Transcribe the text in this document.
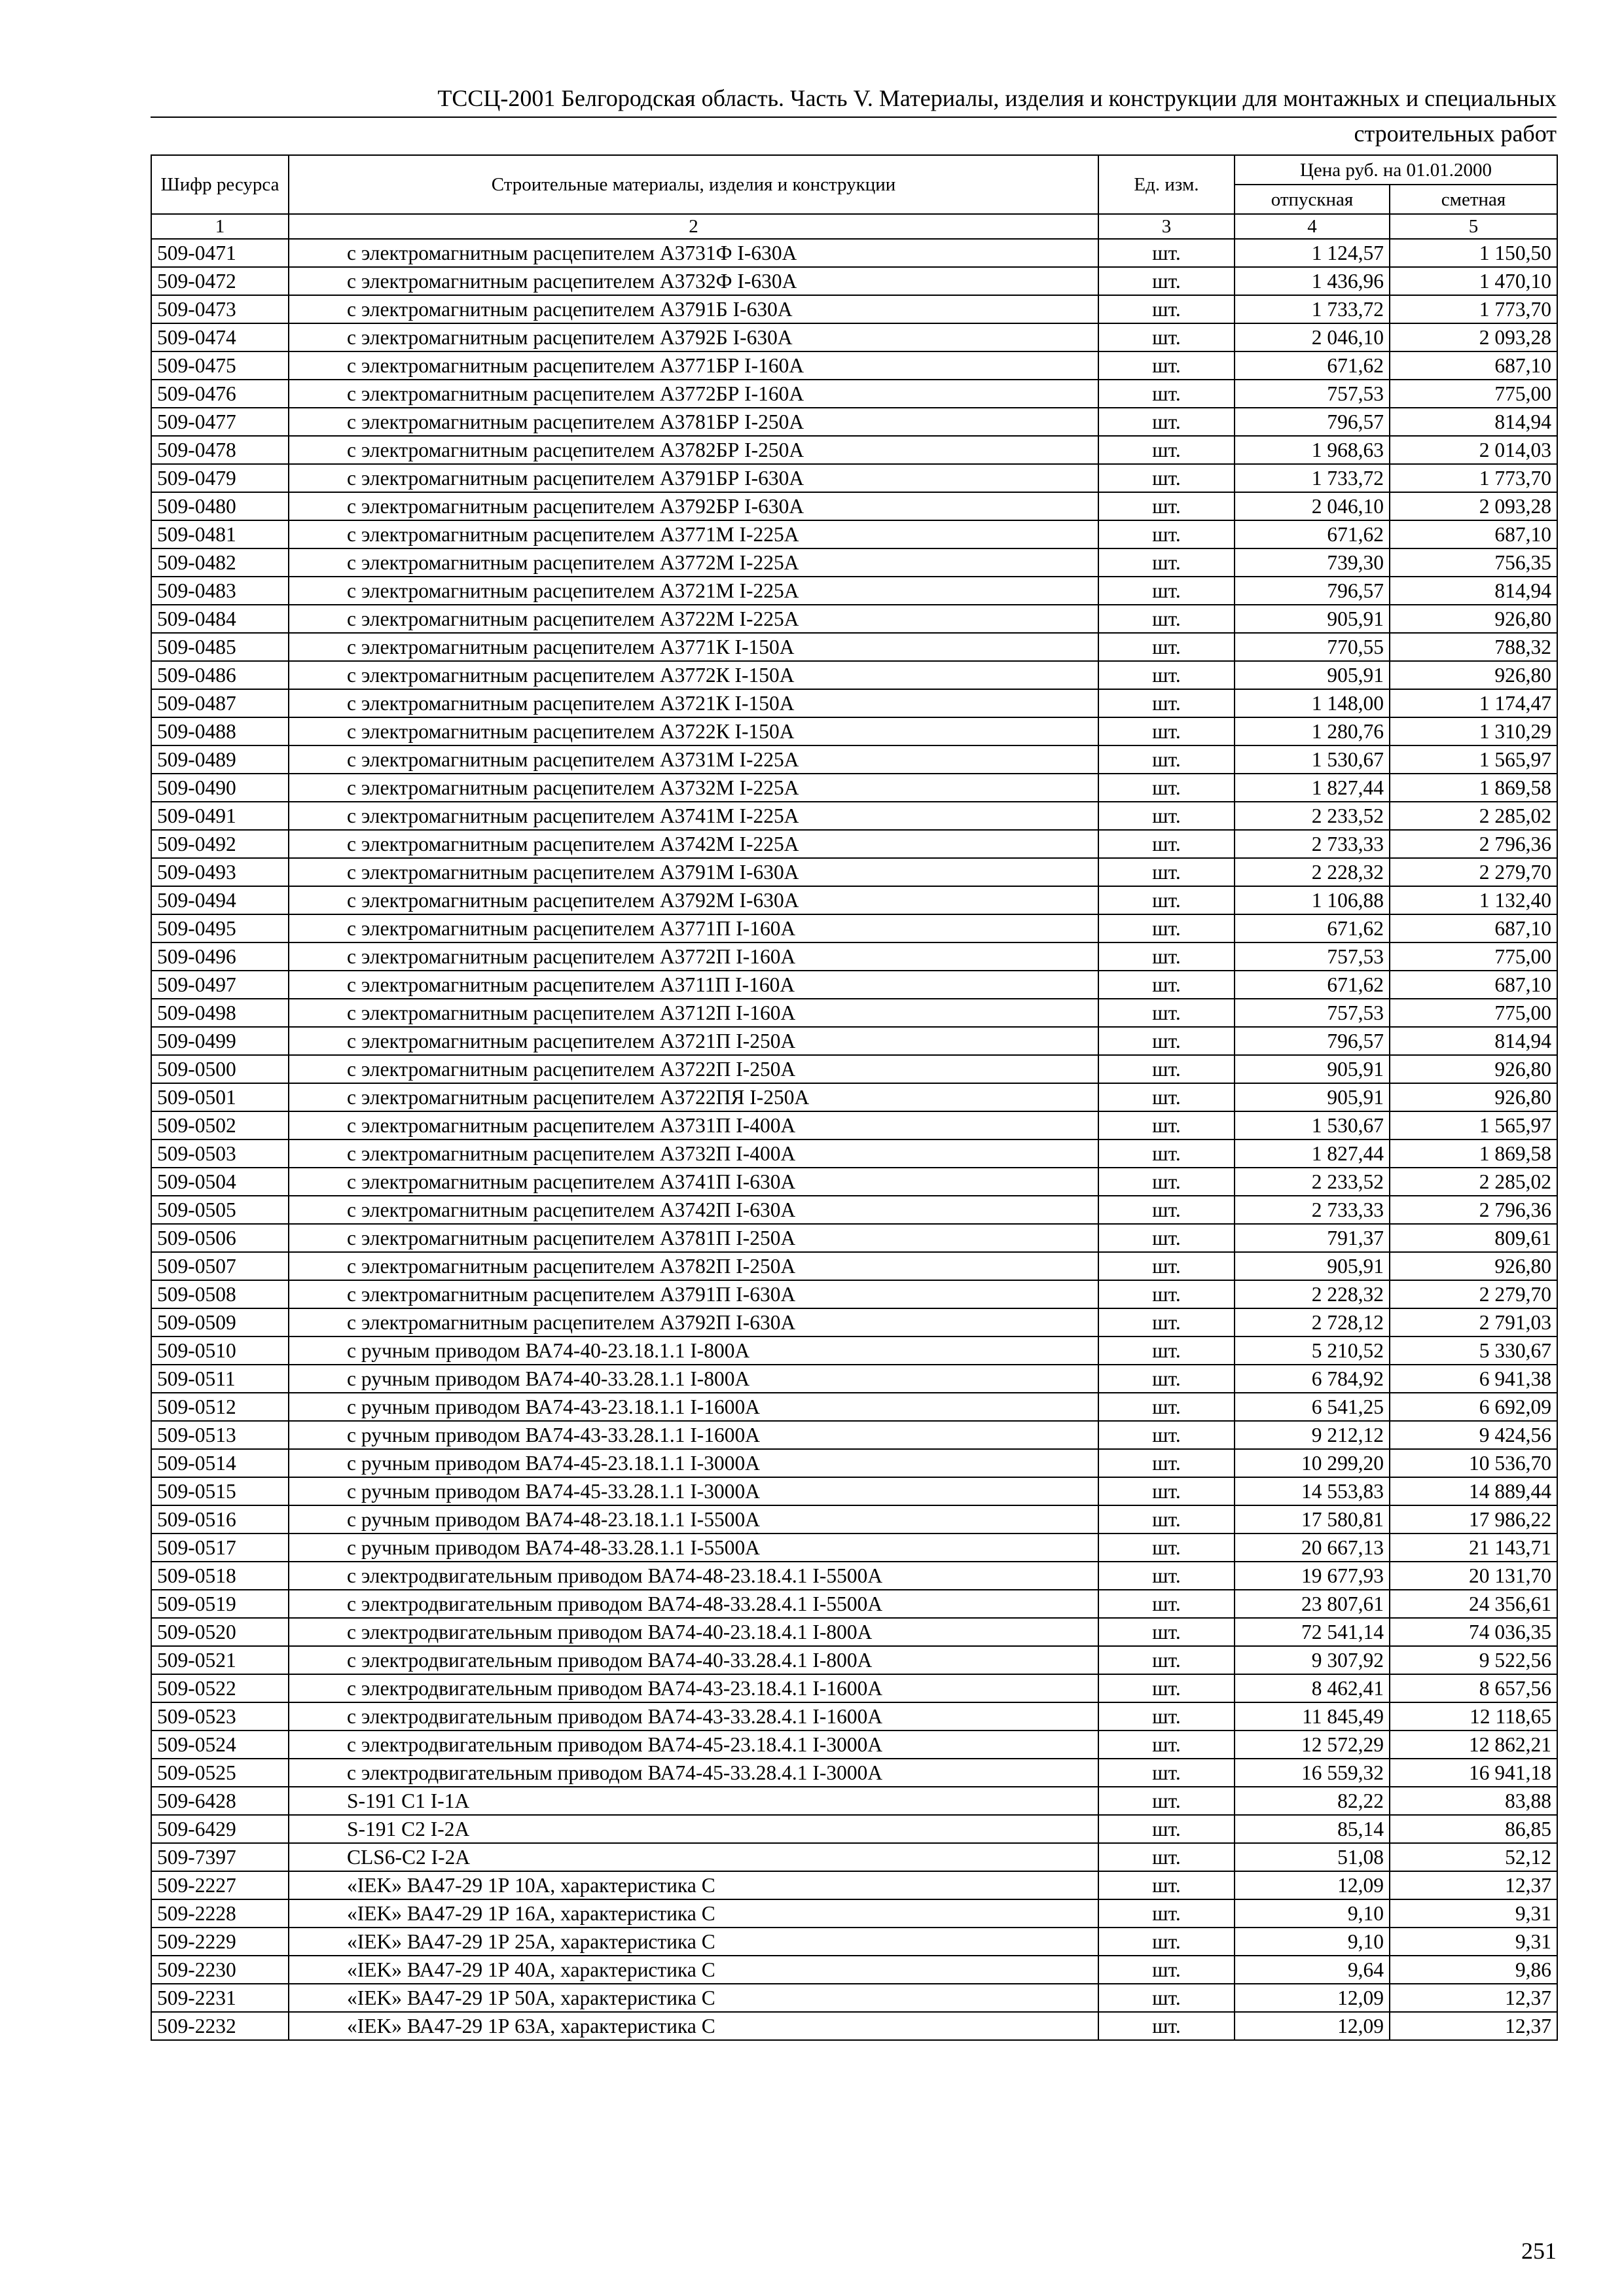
ТССЦ-2001 Белгородская область. Часть V. Материалы, изделия и конструкции для монтажных и специальных
строительных работ
Шифр ресурса	Строительные материалы, изделия и конструкции	Ед. изм.	Цена руб. на 01.01.2000	
			отпускная	сметная
1	2	3	4	5
509-0471	с электромагнитным расцепителем А3731Ф I-630А	шт.	1 124,57	1 150,50
509-0472	с электромагнитным расцепителем А3732Ф I-630А	шт.	1 436,96	1 470,10
509-0473	с электромагнитным расцепителем А3791Б I-630А	шт.	1 733,72	1 773,70
509-0474	с электромагнитным расцепителем А3792Б I-630А	шт.	2 046,10	2 093,28
509-0475	с электромагнитным расцепителем А3771БР I-160А	шт.	671,62	687,10
509-0476	с электромагнитным расцепителем А3772БР I-160А	шт.	757,53	775,00
509-0477	с электромагнитным расцепителем А3781БР I-250А	шт.	796,57	814,94
509-0478	с электромагнитным расцепителем А3782БР I-250А	шт.	1 968,63	2 014,03
509-0479	с электромагнитным расцепителем А3791БР I-630А	шт.	1 733,72	1 773,70
509-0480	с электромагнитным расцепителем А3792БР I-630А	шт.	2 046,10	2 093,28
509-0481	с электромагнитным расцепителем А3771М I-225А	шт.	671,62	687,10
509-0482	с электромагнитным расцепителем А3772М I-225А	шт.	739,30	756,35
509-0483	с электромагнитным расцепителем А3721М I-225А	шт.	796,57	814,94
509-0484	с электромагнитным расцепителем А3722М I-225А	шт.	905,91	926,80
509-0485	с электромагнитным расцепителем А3771К I-150А	шт.	770,55	788,32
509-0486	с электромагнитным расцепителем А3772К I-150А	шт.	905,91	926,80
509-0487	с электромагнитным расцепителем А3721К I-150А	шт.	1 148,00	1 174,47
509-0488	с электромагнитным расцепителем А3722К I-150А	шт.	1 280,76	1 310,29
509-0489	с электромагнитным расцепителем А3731М I-225А	шт.	1 530,67	1 565,97
509-0490	с электромагнитным расцепителем А3732М I-225А	шт.	1 827,44	1 869,58
509-0491	с электромагнитным расцепителем А3741М I-225А	шт.	2 233,52	2 285,02
509-0492	с электромагнитным расцепителем А3742М I-225А	шт.	2 733,33	2 796,36
509-0493	с электромагнитным расцепителем А3791М I-630А	шт.	2 228,32	2 279,70
509-0494	с электромагнитным расцепителем А3792М I-630А	шт.	1 106,88	1 132,40
509-0495	с электромагнитным расцепителем А3771П I-160А	шт.	671,62	687,10
509-0496	с электромагнитным расцепителем А3772П I-160А	шт.	757,53	775,00
509-0497	с электромагнитным расцепителем А3711П I-160А	шт.	671,62	687,10
509-0498	с электромагнитным расцепителем А3712П I-160А	шт.	757,53	775,00
509-0499	с электромагнитным расцепителем А3721П I-250А	шт.	796,57	814,94
509-0500	с электромагнитным расцепителем А3722П I-250А	шт.	905,91	926,80
509-0501	с электромагнитным расцепителем А3722ПЯ I-250А	шт.	905,91	926,80
509-0502	с электромагнитным расцепителем А3731П I-400А	шт.	1 530,67	1 565,97
509-0503	с электромагнитным расцепителем А3732П I-400А	шт.	1 827,44	1 869,58
509-0504	с электромагнитным расцепителем А3741П I-630А	шт.	2 233,52	2 285,02
509-0505	с электромагнитным расцепителем А3742П I-630А	шт.	2 733,33	2 796,36
509-0506	с электромагнитным расцепителем А3781П I-250А	шт.	791,37	809,61
509-0507	с электромагнитным расцепителем А3782П I-250А	шт.	905,91	926,80
509-0508	с электромагнитным расцепителем А3791П I-630А	шт.	2 228,32	2 279,70
509-0509	с электромагнитным расцепителем А3792П I-630А	шт.	2 728,12	2 791,03
509-0510	с ручным приводом ВА74-40-23.18.1.1 I-800А	шт.	5 210,52	5 330,67
509-0511	с ручным приводом ВА74-40-33.28.1.1 I-800А	шт.	6 784,92	6 941,38
509-0512	с ручным приводом ВА74-43-23.18.1.1 I-1600А	шт.	6 541,25	6 692,09
509-0513	с ручным приводом ВА74-43-33.28.1.1 I-1600А	шт.	9 212,12	9 424,56
509-0514	с ручным приводом ВА74-45-23.18.1.1 I-3000А	шт.	10 299,20	10 536,70
509-0515	с ручным приводом ВА74-45-33.28.1.1 I-3000А	шт.	14 553,83	14 889,44
509-0516	с ручным приводом ВА74-48-23.18.1.1 I-5500А	шт.	17 580,81	17 986,22
509-0517	с ручным приводом ВА74-48-33.28.1.1 I-5500А	шт.	20 667,13	21 143,71
509-0518	с электродвигательным приводом ВА74-48-23.18.4.1 I-5500А	шт.	19 677,93	20 131,70
509-0519	с электродвигательным приводом ВА74-48-33.28.4.1 I-5500А	шт.	23 807,61	24 356,61
509-0520	с электродвигательным приводом ВА74-40-23.18.4.1 I-800А	шт.	72 541,14	74 036,35
509-0521	с электродвигательным приводом ВА74-40-33.28.4.1 I-800А	шт.	9 307,92	9 522,56
509-0522	с электродвигательным приводом ВА74-43-23.18.4.1 I-1600А	шт.	8 462,41	8 657,56
509-0523	с электродвигательным приводом ВА74-43-33.28.4.1 I-1600А	шт.	11 845,49	12 118,65
509-0524	с электродвигательным приводом ВА74-45-23.18.4.1 I-3000А	шт.	12 572,29	12 862,21
509-0525	с электродвигательным приводом ВА74-45-33.28.4.1 I-3000А	шт.	16 559,32	16 941,18
509-6428	S-191 C1 I-1А	шт.	82,22	83,88
509-6429	S-191 C2 I-2А	шт.	85,14	86,85
509-7397	CLS6-C2 I-2А	шт.	51,08	52,12
509-2227	«IEK» ВА47-29 1Р 10А, характеристика С	шт.	12,09	12,37
509-2228	«IEK» ВА47-29 1Р 16А, характеристика С	шт.	9,10	9,31
509-2229	«IEK» ВА47-29 1Р 25А, характеристика С	шт.	9,10	9,31
509-2230	«IEK» ВА47-29 1Р 40А, характеристика С	шт.	9,64	9,86
509-2231	«IEK» ВА47-29 1Р 50А, характеристика С	шт.	12,09	12,37
509-2232	«IEK» ВА47-29 1Р 63А, характеристика С	шт.	12,09	12,37
251
